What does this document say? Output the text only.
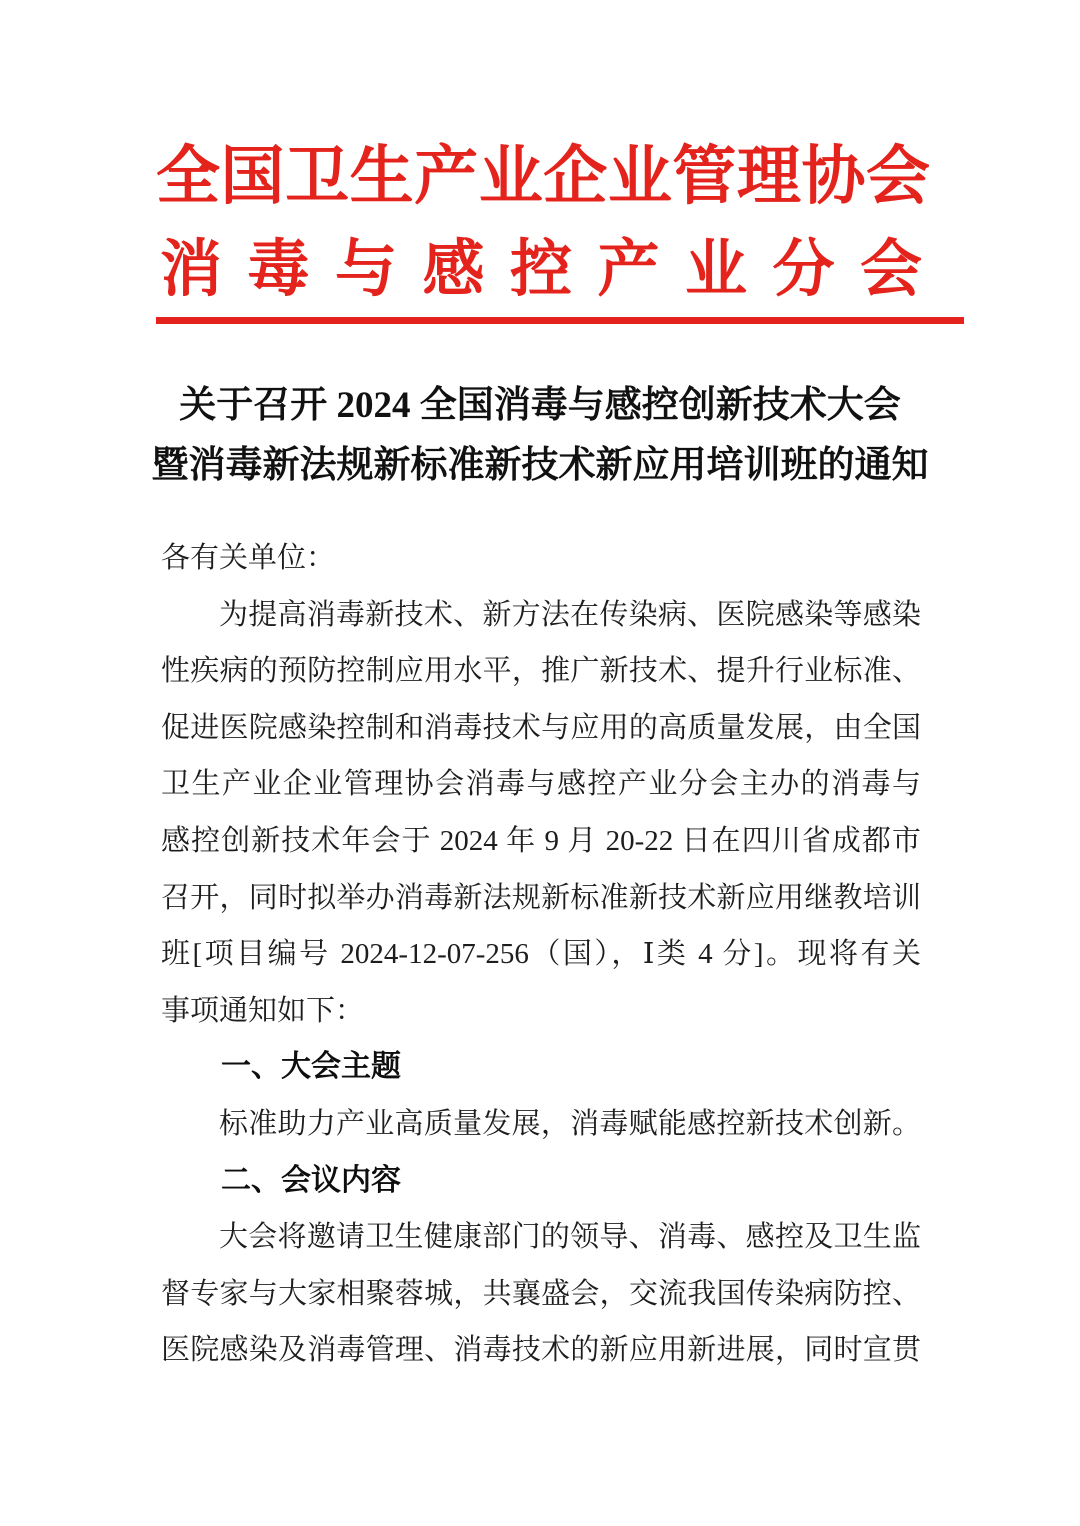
全国卫生产业企业管理协会
消毒与感控产业分会
关于召开 2024 全国消毒与感控创新技术大会
暨消毒新法规新标准新技术新应用培训班的通知
各有关单位：
为提高消毒新技术、新方法在传染病、医院感染等感染
性疾病的预防控制应用水平，推广新技术、提升行业标准、
促进医院感染控制和消毒技术与应用的高质量发展，由全国
卫生产业企业管理协会消毒与感控产业分会主办的消毒与
感控创新技术年会于 2024 年 9 月 20-22 日在四川省成都市
召开，同时拟举办消毒新法规新标准新技术新应用继教培训
班[项目编号 2024-12-07-256（国），Ⅰ类 4 分]。现将有关
事项通知如下：
一、大会主题
标准助力产业高质量发展，消毒赋能感控新技术创新。
二、会议内容
大会将邀请卫生健康部门的领导、消毒、感控及卫生监
督专家与大家相聚蓉城，共襄盛会，交流我国传染病防控、
医院感染及消毒管理、消毒技术的新应用新进展，同时宣贯
